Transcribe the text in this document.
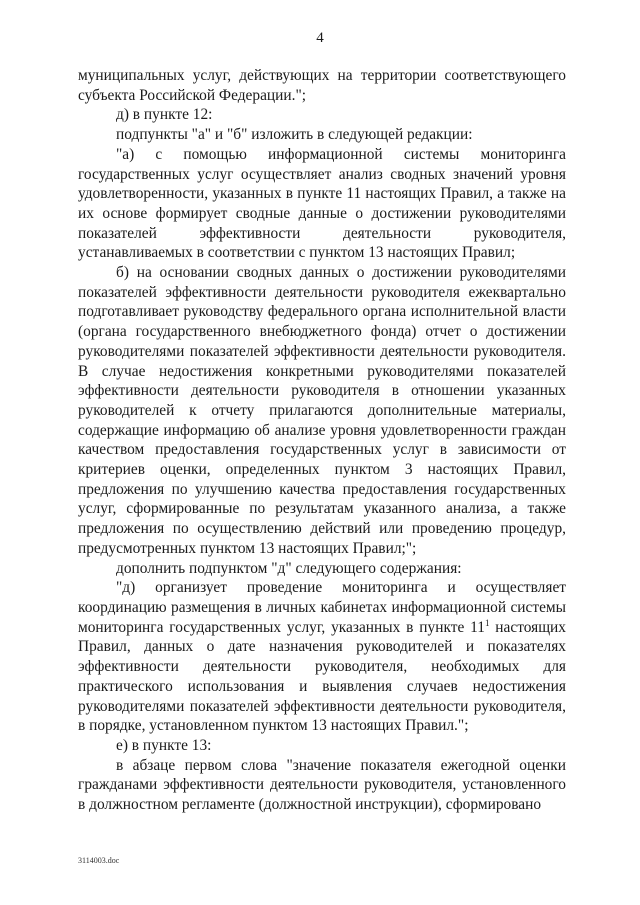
4

муниципальных услуг, действующих на территории соответствующего субъекта Российской Федерации.";

д) в пункте 12:

подпункты "а" и "б" изложить в следующей редакции:

"а) с помощью информационной системы мониторинга государственных услуг осуществляет анализ сводных значений уровня удовлетворенности, указанных в пункте 11 настоящих Правил, а также на их основе формирует сводные данные о достижении руководителями показателей эффективности деятельности руководителя, устанавливаемых в соответствии с пунктом 13 настоящих Правил;

б) на основании сводных данных о достижении руководителями показателей эффективности деятельности руководителя ежеквартально подготавливает руководству федерального органа исполнительной власти (органа государственного внебюджетного фонда) отчет о достижении руководителями показателей эффективности деятельности руководителя. В случае недостижения конкретными руководителями показателей эффективности деятельности руководителя в отношении указанных руководителей к отчету прилагаются дополнительные материалы, содержащие информацию об анализе уровня удовлетворенности граждан качеством предоставления государственных услуг в зависимости от критериев оценки, определенных пунктом 3 настоящих Правил, предложения по улучшению качества предоставления государственных услуг, сформированные по результатам указанного анализа, а также предложения по осуществлению действий или проведению процедур, предусмотренных пунктом 13 настоящих Правил;";

дополнить подпунктом "д" следующего содержания:

"д) организует проведение мониторинга и осуществляет координацию размещения в личных кабинетах информационной системы мониторинга государственных услуг, указанных в пункте $11^1$ настоящих Правил, данных о дате назначения руководителей и показателях эффективности деятельности руководителя, необходимых для практического использования и выявления случаев недостижения руководителями показателей эффективности деятельности руководителя, в порядке, установленном пунктом 13 настоящих Правил.";

е) в пункте 13:

в абзаце первом слова "значение показателя ежегодной оценки гражданами эффективности деятельности руководителя, установленного в должностном регламенте (должностной инструкции), сформировано

3114003.doc
